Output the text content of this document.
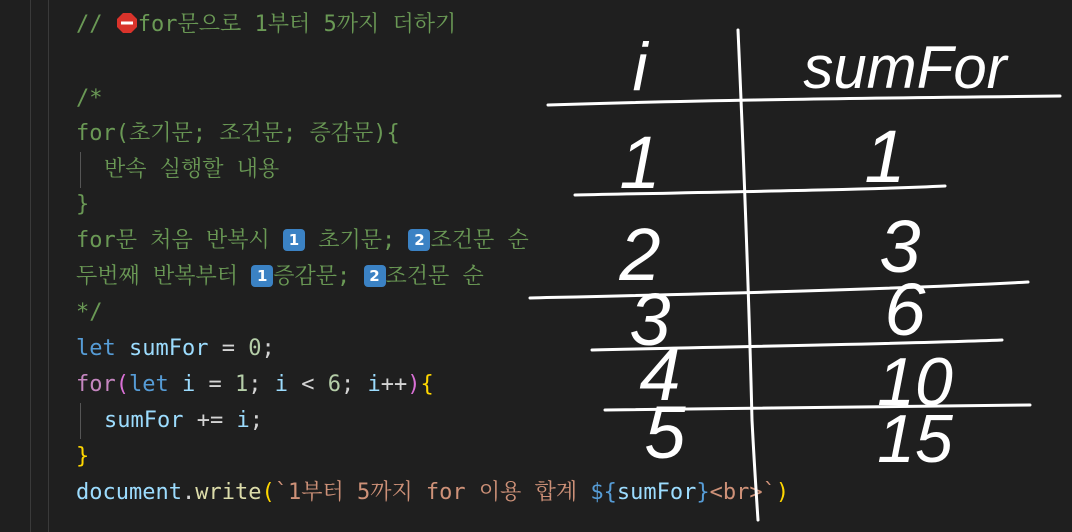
// for문으로 1부터 5까지 더하기
/*
for(초기문; 조건문; 증감문){
반속 실행할 내용
}
for문 처음 반복시 1 초기문; 2 조건문 순
두번째 반복부터 1 증감문; 2 조건문 순
*/
let sumFor = 0;
for(let i = 1; i < 6; i++){
sumFor += i;
}
document.write(`1부터 5까지 for 이용 합계 ${sumFor}<br>`)
i	sumFor
1
2
3
4
5
1
3
6
10
15
